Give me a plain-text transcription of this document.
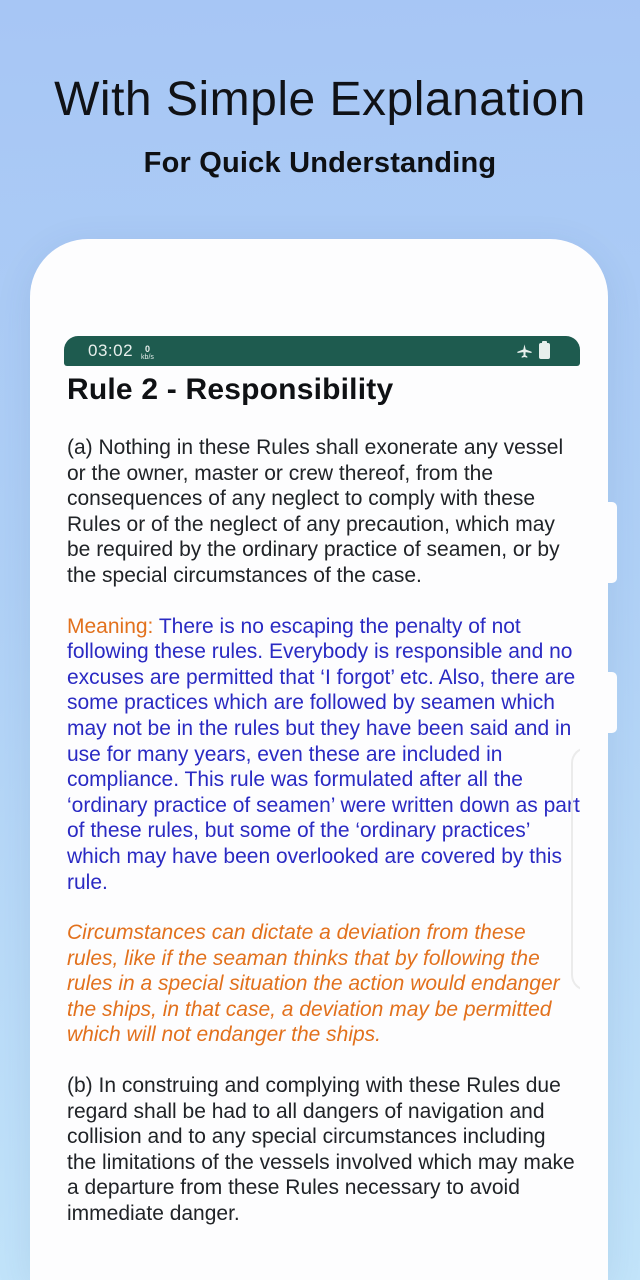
With Simple Explanation
For Quick Understanding
03:02 0
kb/s
Rule 2 - Responsibility

(a) Nothing in these Rules shall exonerate any vessel or the owner, master or crew thereof, from the consequences of any neglect to comply with these Rules or of the neglect of any precaution, which may be required by the ordinary practice of seamen, or by the special circumstances of the case.

Meaning: There is no escaping the penalty of not following these rules. Everybody is responsible and no excuses are permitted that ‘I forgot’ etc. Also, there are some practices which are followed by seamen which may not be in the rules but they have been said and in use for many years, even these are included in compliance. This rule was formulated after all the ‘ordinary practice of seamen’ were written down as part of these rules, but some of the ‘ordinary practices’ which may have been overlooked are covered by this rule.

Circumstances can dictate a deviation from these rules, like if the seaman thinks that by following the rules in a special situation the action would endanger the ships, in that case, a deviation may be permitted which will not endanger the ships.

(b) In construing and complying with these Rules due regard shall be had to all dangers of navigation and collision and to any special circumstances including the limitations of the vessels involved which may make a departure from these Rules necessary to avoid immediate danger.
